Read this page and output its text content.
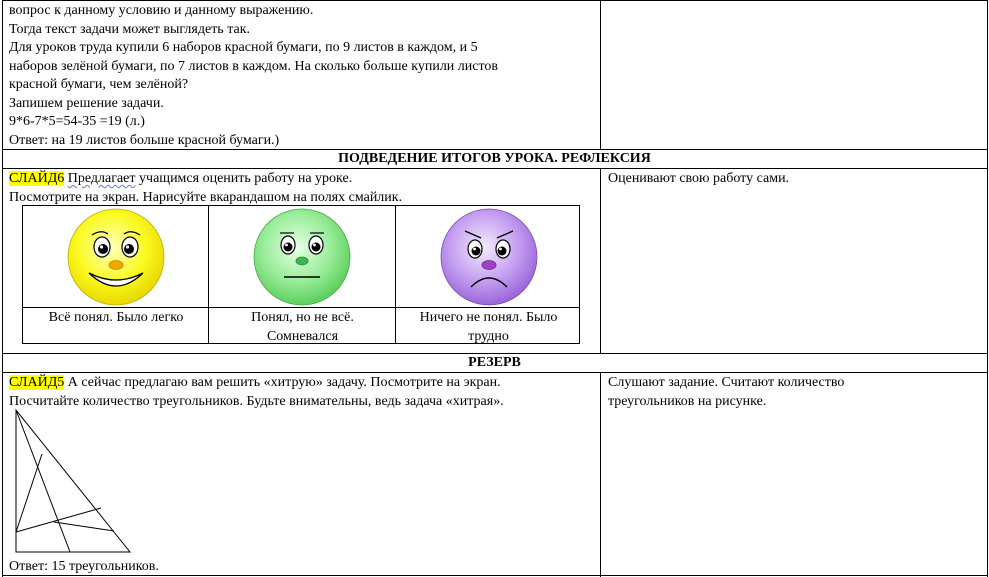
вопрос к данному условию и данному выражению.

Тогда текст задачи может выглядеть так.

Для уроков труда купили 6 наборов красной бумаги, по 9 листов в каждом, и 5

наборов зелёной бумаги, по 7 листов в каждом. На сколько больше купили листов

красной бумаги, чем зелёной?

Запишем решение задачи.

9*6-7*5=54-35 =19 (л.)

Ответ: на 19 листов больше красной бумаги.)

ПОДВЕДЕНИЕ ИТОГОВ УРОКА. РЕФЛЕКСИЯ

СЛАЙД6 Предлагает учащимся оценить работу на уроке.

Посмотрите на экран. Нарисуйте вкарандашом на полях смайлик.

Оценивают свою работу сами.

Всё понял. Было легко	Понял, но не всё.
Сомневался
Ничего не понял. Было
трудно
РЕЗЕРВ

СЛАЙД5 А сейчас предлагаю вам решить «хитрую» задачу. Посмотрите на экран.

Посчитайте количество треугольников. Будьте внимательны, ведь задача «хитрая».

Ответ: 15 треугольников.

Слушают задание. Считают количество

треугольников на рисунке.
